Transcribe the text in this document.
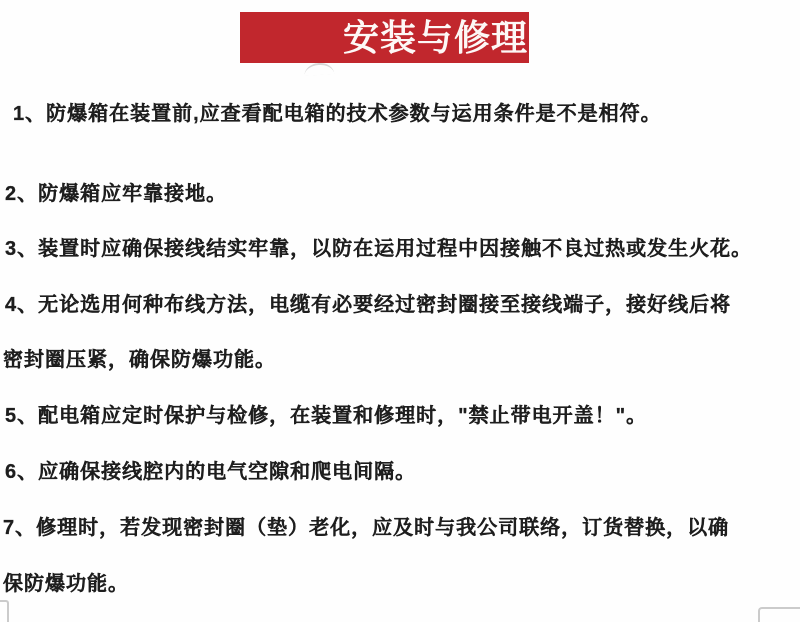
安装与修理
1、防爆箱在装置前,应查看配电箱的技术参数与运用条件是不是相符。
2、防爆箱应牢靠接地。
3、装置时应确保接线结实牢靠，以防在运用过程中因接触不良过热或发生火花。
4、无论选用何种布线方法，电缆有必要经过密封圈接至接线端子，接好线后将
密封圈压紧，确保防爆功能。
5、配电箱应定时保护与检修，在装置和修理时，"禁止带电开盖！"。
6、应确保接线腔内的电气空隙和爬电间隔。
7、修理时，若发现密封圈（垫）老化，应及时与我公司联络，订货替换，以确
保防爆功能。
